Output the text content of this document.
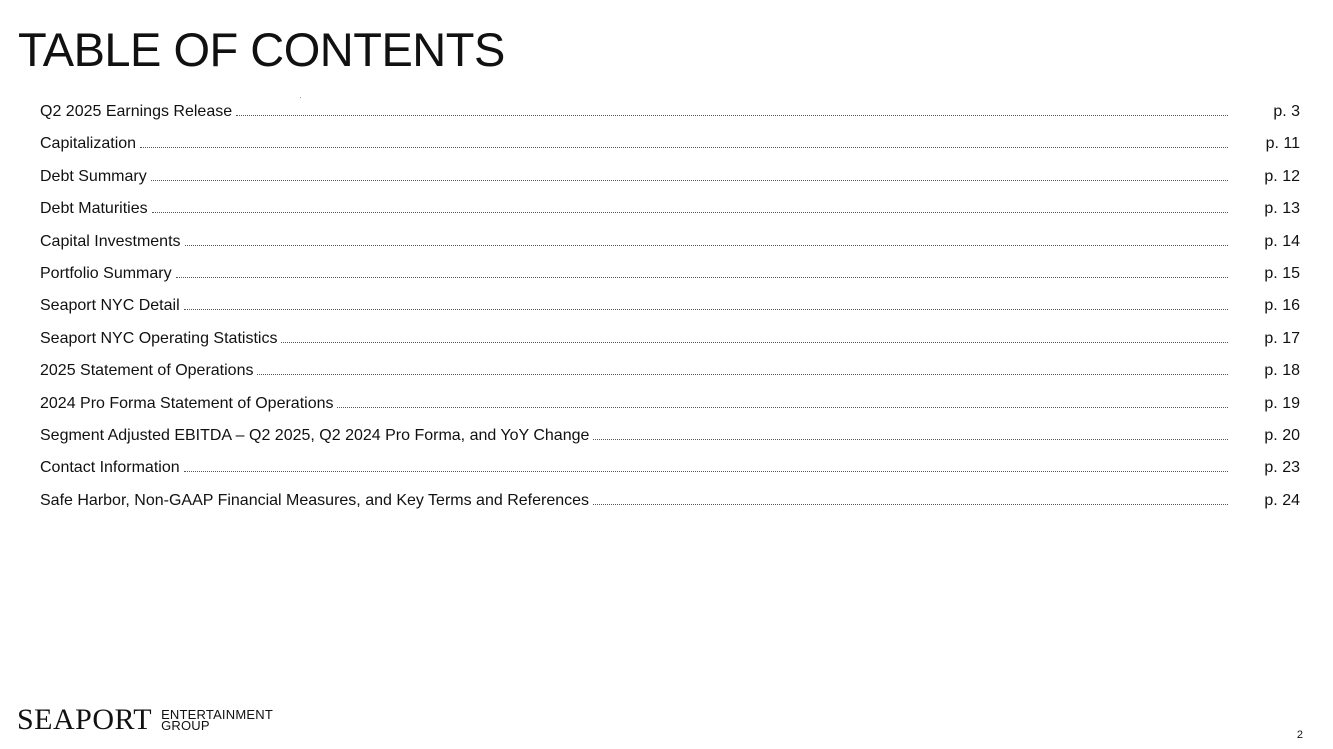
TABLE OF CONTENTS
Q2 2025 Earnings Release	p. 3
Capitalization	p. 11
Debt Summary	p. 12
Debt Maturities	p. 13
Capital Investments	p. 14
Portfolio Summary	p. 15
Seaport NYC Detail	p. 16
Seaport NYC Operating Statistics	p. 17
2025 Statement of Operations	p. 18
2024 Pro Forma Statement of Operations	p. 19
Segment Adjusted EBITDA – Q2 2025, Q2 2024 Pro Forma, and YoY Change	p. 20
Contact Information	p. 23
Safe Harbor, Non-GAAP Financial Measures, and Key Terms and References	p. 24
SEAPORT ENTERTAINMENT
GROUP
2
